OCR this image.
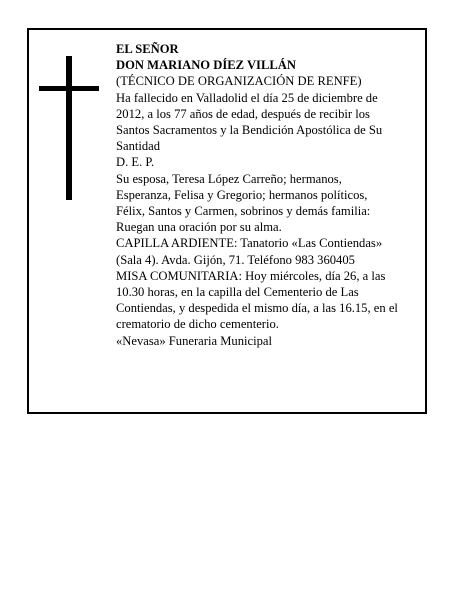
EL SEÑOR
DON MARIANO DÍEZ VILLÁN
(TÉCNICO DE ORGANIZACIÓN DE RENFE)
Ha fallecido en Valladolid el día 25 de diciembre de
2012, a los 77 años de edad, después de recibir los
Santos Sacramentos y la Bendición Apostólica de Su
Santidad
D. E. P.
Su esposa, Teresa López Carreño; hermanos,
Esperanza, Felisa y Gregorio; hermanos políticos,
Félix, Santos y Carmen, sobrinos y demás familia:
Ruegan una oración por su alma.
CAPILLA ARDIENTE: Tanatorio «Las Contiendas»
(Sala 4). Avda. Gijón, 71. Teléfono 983 360405
MISA COMUNITARIA: Hoy miércoles, día 26, a las
10.30 horas, en la capilla del Cementerio de Las
Contiendas, y despedida el mismo día, a las 16.15, en el
crematorio de dicho cementerio.
«Nevasa» Funeraria Municipal
